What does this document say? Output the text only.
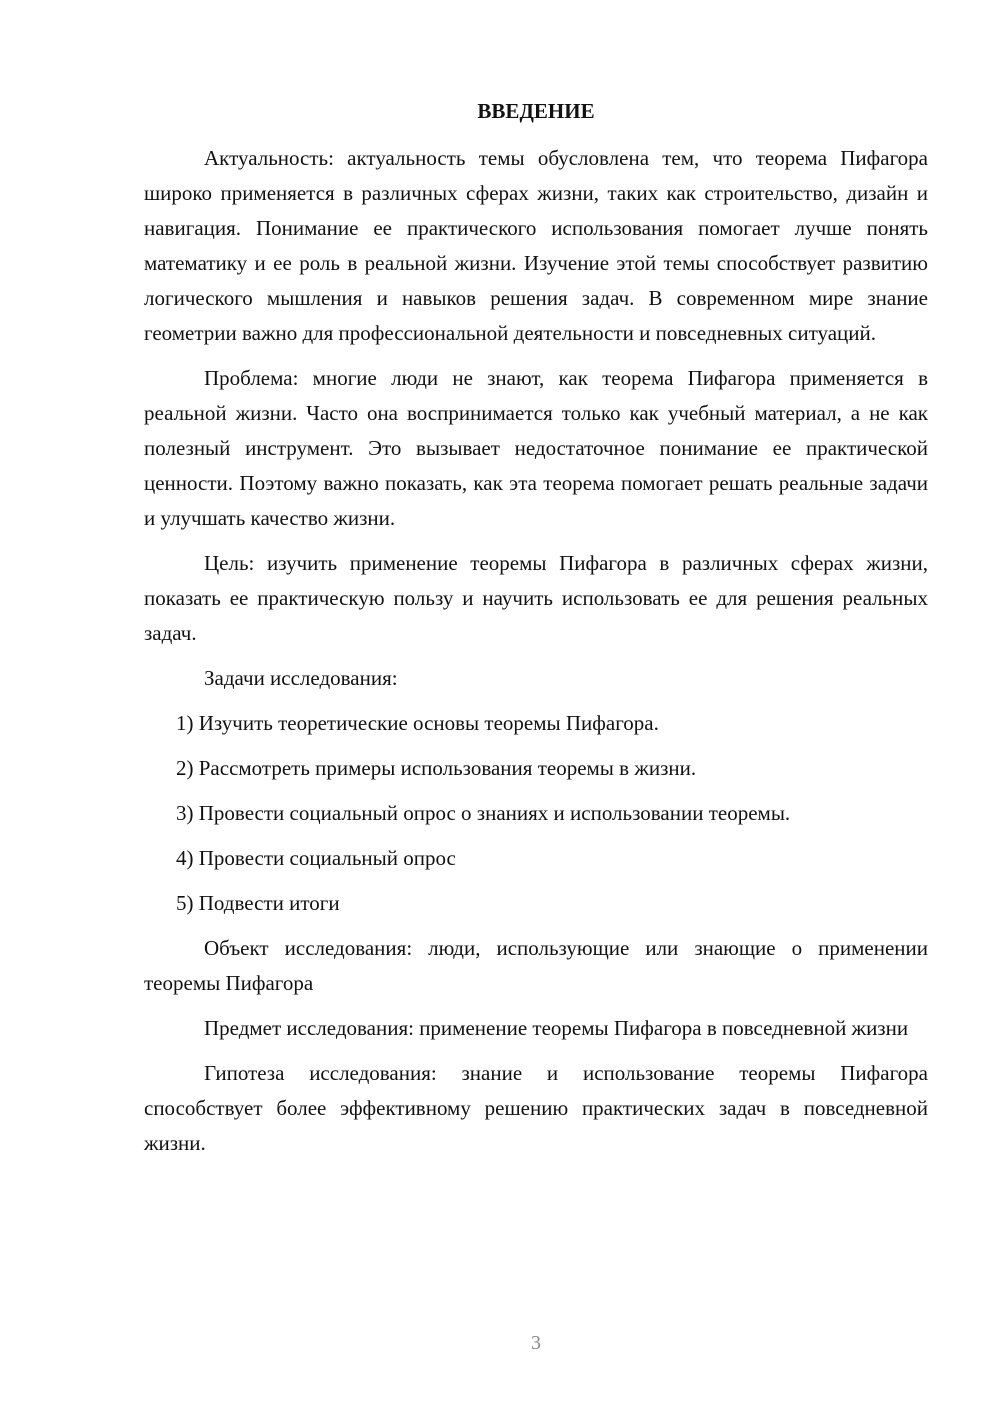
ВВЕДЕНИЕ

Актуальность: актуальность темы обусловлена тем, что теорема Пифагора широко применяется в различных сферах жизни, таких как строительство, дизайн и навигация. Понимание ее практического использования помогает лучше понять математику и ее роль в реальной жизни. Изучение этой темы способствует развитию логического мышления и навыков решения задач. В современном мире знание геометрии важно для профессиональной деятельности и повседневных ситуаций.

Проблема: многие люди не знают, как теорема Пифагора применяется в реальной жизни. Часто она воспринимается только как учебный материал, а не как полезный инструмент. Это вызывает недостаточное понимание ее практической ценности. Поэтому важно показать, как эта теорема помогает решать реальные задачи и улучшать качество жизни.

Цель: изучить применение теоремы Пифагора в различных сферах жизни, показать ее практическую пользу и научить использовать ее для решения реальных задач.

Задачи исследования:
1) Изучить теоретические основы теоремы Пифагора.
2) Рассмотреть примеры использования теоремы в жизни.
3) Провести социальный опрос о знаниях и использовании теоремы.
4) Провести социальный опрос
5) Подвести итоги

Объект исследования: люди, использующие или знающие о применении теоремы Пифагора

Предмет исследования: применение теоремы Пифагора в повседневной жизни

Гипотеза исследования: знание и использование теоремы Пифагора способствует более эффективному решению практических задач в повседневной жизни.

3
